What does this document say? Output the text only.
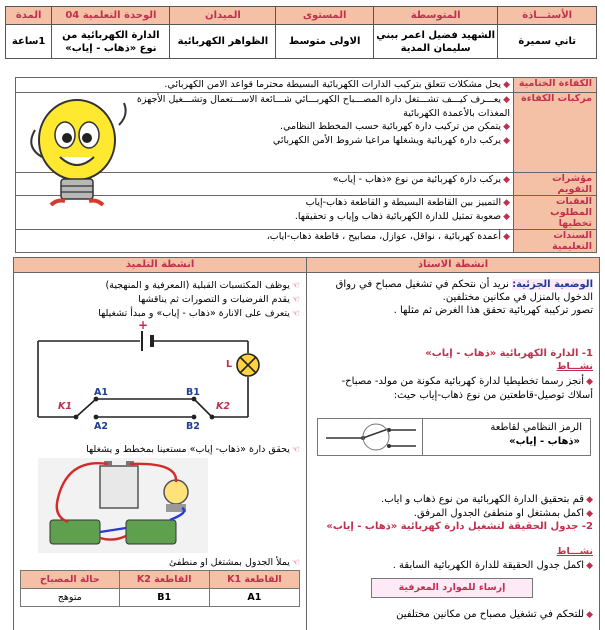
الأستـــاذة	المتوسطة	المستوى	الميدان	الوحدة التعلمية 04	المدة
تاني سميرة	الشهيد فضيل اعمر ببني سليمان المدية	الاولى متوسط	الظواهر الكهربائية	الدارة الكهربائية من نوع «ذهاب - إياب»	1ساعة
الكفاءة الختامية	◆يحل مشكلات تتعلق بتركيب الدارات الكهربائية البسيطة محترما قواعد الامن الكهربائي.
مركبات الكفاءة	◆يعـــرف كيـــف تشـــتغل دارة المصـــباح الكهربـــائي شـــائعة الاســـتعمال وتشـــغيل الأجهزة المغذات بالأعمدة الكهربائية
◆يتمكن من تركيب دارة كهربائية حسب المخطط النظامي.
◆يركب دارة كهربائية ويشغلها مراعيا شروط الأمن الكهربائي

مؤشرات التقويم	◆يركب دارة كهربائية من نوع «ذهاب - إياب»

العقبات المطلوب تخطيها	◆التمييز بين القاطعة البسيطة و القاطعة ذهاب-إياب
◆صعوبة تمثيل للدارة الكهربائية ذهاب وإياب و تحقيقها.

السندات التعليمية	◆أعمدة كهربائية ، نواقل، عوازل، مصابيح ، قاطعة ذهاب-اياب،
انشطة الاستاذ
الوضعية الجزئية: نريد أن نتحكم في تشغيل مصباح في رواق الدخول بالمنزل في مكانين مختلفين.
تصور تركيبة كهربائية تحقق هذا الغرض ثم مثلها .
1- الدارة الكهربائية «ذهاب - إياب»
نشـــاط
◆أنجز رسما تخطيطيا لدارة كهربائية مكونة من مولد- مصباح-أسلاك توصيل-قاطعتين من نوع ذهاب-إياب حيث:
الرمز النظامي لقاطعة
«ذهاب - إياب»
◆قم بتحقيق الدارة الكهربائية من نوع ذهاب و اياب.
◆اكمل بمشتغل او منطفئ الجدول المرفق.
2- جدول الحقيقة لتشغيل دارة كهربائية «ذهاب - إياب»
نشـــاط
◆اكمل جدول الحقيقة للدارة الكهربائية السابقة .
إرساء للموارد المعرفية
◆للتحكم في تشغيل مصباح من مكانين مختلفين
انشطة التلميذ
☜يوظف المكتسبات القبلية (المعرفية و المنهجية)
☜يقدم الفرضيات و التصورات ثم يناقشها
☜يتعرف على الانارة «ذهاب - إياب» و مبدأ تشغيلها
+
L
K1	K2
A1
A2
B1
B2
☜يحقق دارة «ذهاب- إياب» مستعينا بمخطط و يشغلها
☜يملأ الجدول بمشتغل او منطفئ
القاطعة K1	القاطعة K2	حالة المصباح
A1	B1	متوهج
